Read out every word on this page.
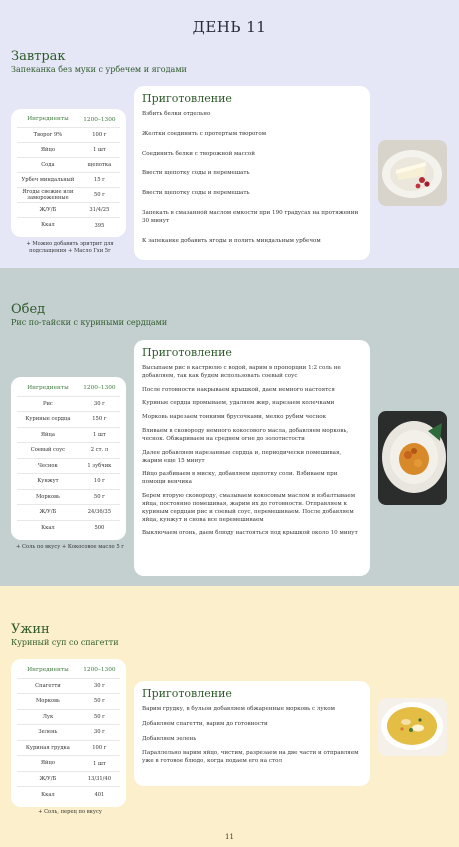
Завтрак
Запеканка без муки с урбечем и ягодами
Ингредиенты	1200–1300
Творог 9%	100 г
Яйцо	1 шт
Сода	щепотка
Урбеч миндальный	15 г
Ягоды свежие или замороженные	50 г
Ж/У/Б	31/4/25
Ккал	395
+ Можно добавить эритрит для подслащения + Масло Гхи 5г
Приготовление
Взбить белки отдельно
Желтки соединить с протертым творогом
Соединить белки с творожной массой
Ввести щепотку соды и перемешать
Ввести щепотку соды и перемешать
Запекать в смазанной маслом емкости при 190 градусах на протяжении 30 минут
К запеканке добавить ягоды и полить миндальным урбечом
ДЕНЬ 11
Обед
Рис по-тайски с куриными сердцами
Ингредиенты	1200–1300
Рис	30 г
Куриные сердца	150 г
Яйца	1 шт
Соевый соус	2 ст. л
Чеснок	1 зубчик
Кунжут	10 г
Морковь	50 г
Ж/У/Б	24/36/35
Ккал	500
+ Соль по вкусу + Кокосовое масло 5 г
Приготовление
Высыпаем рис в кастрюлю с водой, варим в пропорции 1:2 соль не добавляем, так как будем использовать соевый соус
После готовности накрываем крышкой, даем немного настоятся
Куриные сердца промываем, удаляем жир, нарезаем колечками
Морковь нарезаем тонкими брусочками, мелко рубим чеснок
Вливаем в сковороду немного кокосового масла, добавляем морковь, чеснок. Обжариваем на среднем огне до золотистости
Далее добавляем нарезанные сердца и, периодически помешивая, жарим еще 15 минут
Яйцо разбиваем в миску, добавляем щепотку соли. Взбиваем при помощи венчика
Берем вторую сковороду, смазываем кокосовым маслом и взбалтываем яйца, постоянно помешивая, жарим их до готовности. Отправляем к куриным сердцам рис и соевый соус, перемешиваем. После добавляем яйца, кунжут и снова все перемешиваем
Выключаем огонь, даем блюду настояться под крышкой около 10 минут
Ужин
Куриный суп со спагетти
Ингредиенты	1200–1300
Спагетти	30 г
Морковь	50 г
Лук	50 г
Зелень	30 г
Куриная грудка	100 г
Яйцо	1 шт
Ж/У/Б	13/31/40
Ккал	401
+ Соль, перец по вкусу
Приготовление
Варим грудку, в бульон добавляем обжаренные морковь с луком
Добавляем спагетти, варим до готовности
Добавляем зелень
Параллельно варим яйцо, чистим, разрезаем на две части и отправляем уже в готовое блюдо, когда подаем его на стол
11
